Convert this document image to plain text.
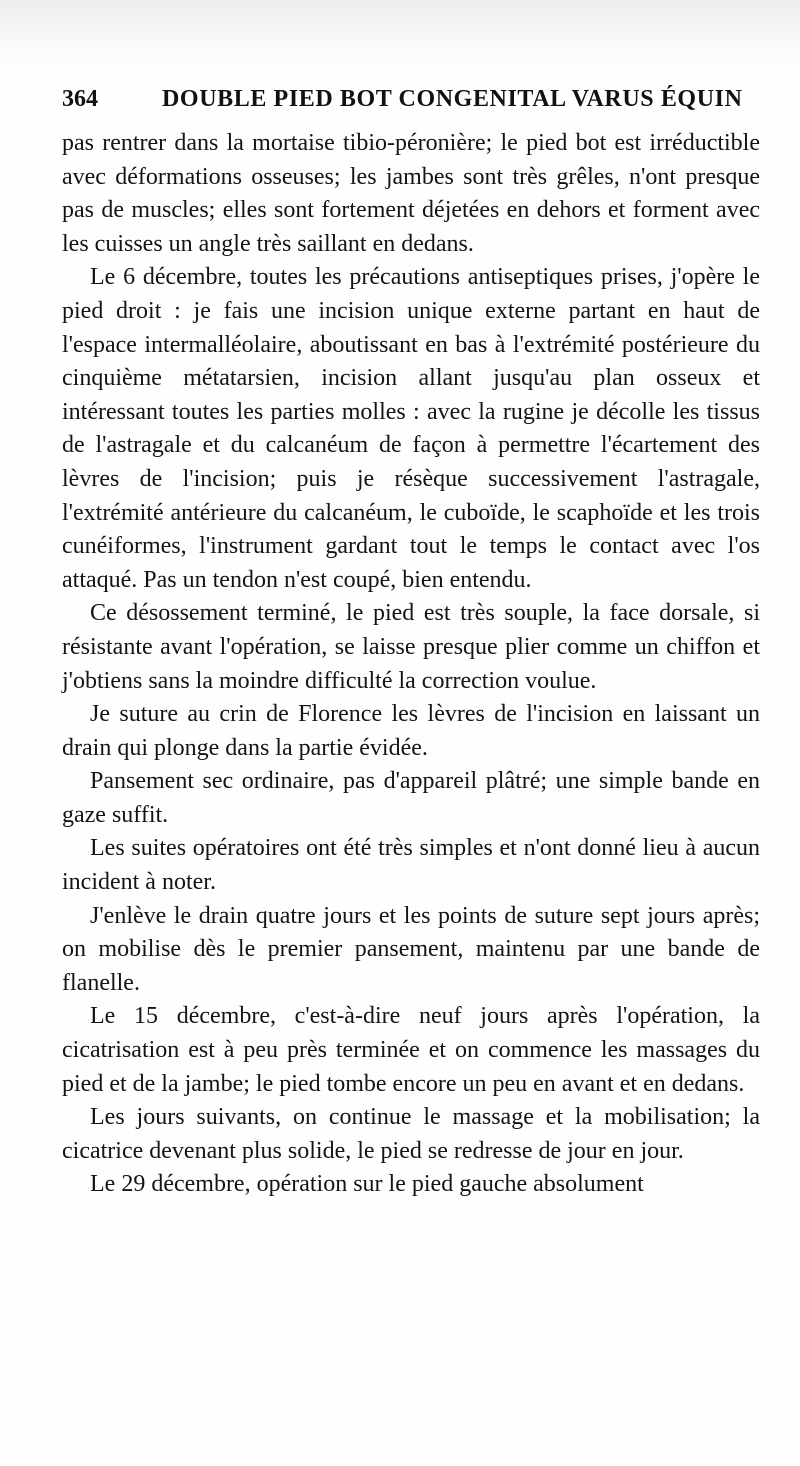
364	DOUBLE PIED BOT CONGENITAL VARUS ÉQUIN

pas rentrer dans la mortaise tibio-péronière; le pied bot est irréductible avec déformations osseuses; les jambes sont très grêles, n'ont presque pas de muscles; elles sont fortement déjetées en dehors et forment avec les cuisses un angle très saillant en dedans.

Le 6 décembre, toutes les précautions antiseptiques prises, j'opère le pied droit : je fais une incision unique externe partant en haut de l'espace intermalléolaire, aboutissant en bas à l'extrémité postérieure du cinquième métatarsien, incision allant jusqu'au plan osseux et intéressant toutes les parties molles : avec la rugine je décolle les tissus de l'astragale et du calcanéum de façon à permettre l'écartement des lèvres de l'incision; puis je résèque successivement l'astragale, l'extrémité antérieure du calcanéum, le cuboïde, le scaphoïde et les trois cunéiformes, l'instrument gardant tout le temps le contact avec l'os attaqué. Pas un tendon n'est coupé, bien entendu.

Ce désossement terminé, le pied est très souple, la face dorsale, si résistante avant l'opération, se laisse presque plier comme un chiffon et j'obtiens sans la moindre difficulté la correction voulue.

Je suture au crin de Florence les lèvres de l'incision en laissant un drain qui plonge dans la partie évidée.

Pansement sec ordinaire, pas d'appareil plâtré; une simple bande en gaze suffit.

Les suites opératoires ont été très simples et n'ont donné lieu à aucun incident à noter.

J'enlève le drain quatre jours et les points de suture sept jours après; on mobilise dès le premier pansement, maintenu par une bande de flanelle.

Le 15 décembre, c'est-à-dire neuf jours après l'opération, la cicatrisation est à peu près terminée et on commence les massages du pied et de la jambe; le pied tombe encore un peu en avant et en dedans.

Les jours suivants, on continue le massage et la mobilisation; la cicatrice devenant plus solide, le pied se redresse de jour en jour.

Le 29 décembre, opération sur le pied gauche absolument
